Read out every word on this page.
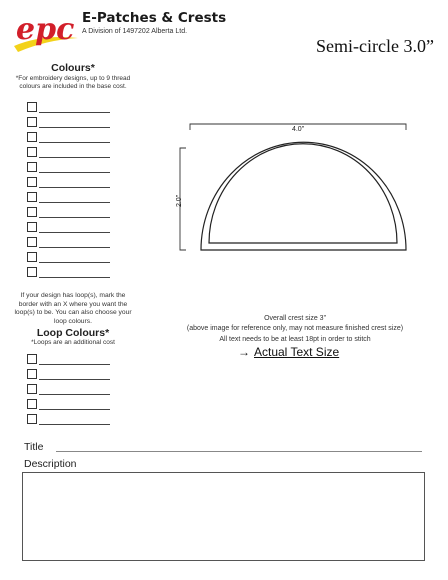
epc E-Patches & Crests
A Division of 1497202 Alberta Ltd.
Semi-circle 3.0”
Colours*
*For embroidery designs, up to 9 thread colours are included in the base cost.
If your design has loop(s), mark the border with an X where you want the loop(s) to be. You can also choose your loop colours.
Loop Colours*
*Loops are an additional cost
4.0”
2.0”
Overall crest size 3”
(above image for reference only, may not measure finished crest size)
All text needs to be at least 18pt in order to stitch
→ Actual Text Size
Title
Description
